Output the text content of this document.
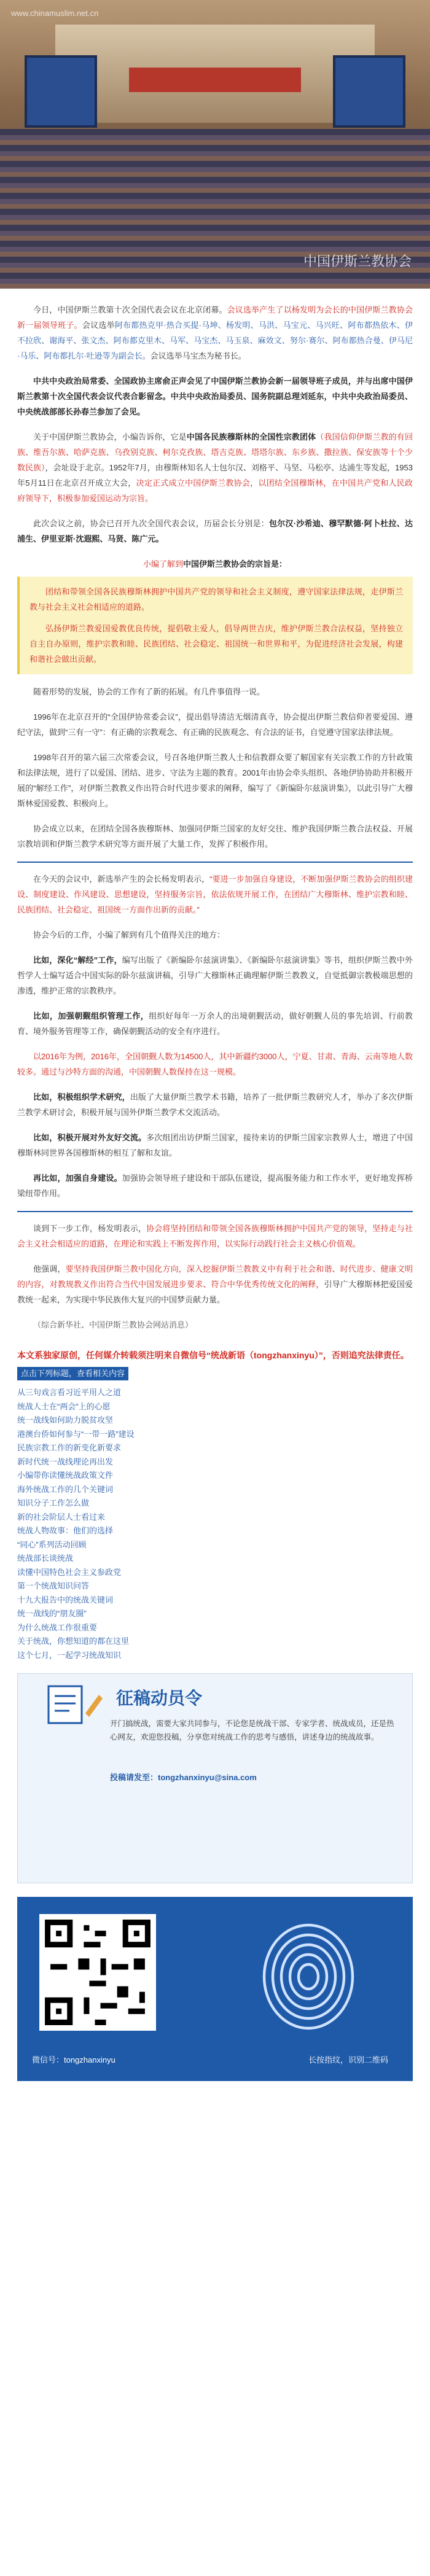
www.chinamuslim.net.cn
中国伊斯兰教协会

今日，中国伊斯兰教第十次全国代表会议在北京闭幕。会议选举产生了以杨发明为会长的中国伊斯兰教协会新一届领导班子。会议选举阿布都热克甲·热合买提·马坤、杨发明、马洪、马宝元、马兴旺、阿布都热依木、伊不拉欣、谢海平、张文杰、阿布都克里木、马军、马宝杰、马玉泉、麻效文、努尔·赛尔、阿布都热合曼、伊马尼·马乐、阿布都扎尔·吐逊等为副会长。会议选举马宝杰为秘书长。

中共中央政治局常委、全国政协主席俞正声会见了中国伊斯兰教协会新一届领导班子成员，并与出席中国伊斯兰教第十次全国代表会议代表合影留念。中共中央政治局委员、国务院副总理刘延东，中共中央政治局委员、中央统战部部长孙春兰参加了会见。

关于中国伊斯兰教协会，小编告诉你，它是中国各民族穆斯林的全国性宗教团体（我国信仰伊斯兰教的有回族、维吾尔族、哈萨克族、乌孜别克族、柯尔克孜族、塔吉克族、塔塔尔族、东乡族、撒拉族、保安族等十个少数民族），会址设于北京。1952年7月，由穆斯林知名人士包尔汉、刘格平、马坚、马松亭、达浦生等发起，1953年5月11日在北京召开成立大会，决定正式成立中国伊斯兰教协会，以团结全国穆斯林，在中国共产党和人民政府领导下，积极参加爱国运动为宗旨。

此次会议之前，协会已召开九次全国代表会议，历届会长分别是：包尔汉·沙希迪、穆罕默德·阿卜杜拉、达浦生、伊里亚斯·沈遐熙、马贤、陈广元。

小编了解到中国伊斯兰教协会的宗旨是：

团结和带领全国各民族穆斯林拥护中国共产党的领导和社会主义制度，遵守国家法律法规，走伊斯兰教与社会主义社会相适应的道路。

弘扬伊斯兰教爱国爱教优良传统，提倡敬主爱人，倡导两世吉庆，维护伊斯兰教合法权益，坚持独立自主自办原则，维护宗教和睦、民族团结、社会稳定、祖国统一和世界和平，为促进经济社会发展，构建和谐社会做出贡献。

随着形势的发展，协会的工作有了新的拓展。有几件事值得一说。

1996年在北京召开的“全国伊协常委会议”，提出倡导清洁无烟清真寺，协会提出伊斯兰教信仰者要爱国、遵纪守法，做到“三有一守”：有正确的宗教观念、有正确的民族观念、有合法的证书，自觉遵守国家法律法规。

1998年召开的第六届三次常委会议，号召各地伊斯兰教人士和信教群众要了解国家有关宗教工作的方针政策和法律法规，进行了以爱国、团结、进步、守法为主题的教育。2001年由协会牵头组织、各地伊协协助并积极开展的“解经工作”，对伊斯兰教教义作出符合时代进步要求的阐释，编写了《新编卧尔兹演讲集》，以此引导广大穆斯林爱国爱教、积极向上。

协会成立以来，在团结全国各族穆斯林、加强同伊斯兰国家的友好交往、维护我国伊斯兰教合法权益、开展宗教培训和伊斯兰教学术研究等方面开展了大量工作，发挥了积极作用。

在今天的会议中，新选举产生的会长杨发明表示，“要进一步加强自身建设，不断加强伊斯兰教协会的组织建设、制度建设、作风建设、思想建设，坚持服务宗旨，依法依规开展工作，在团结广大穆斯林、维护宗教和睦、民族团结、社会稳定、祖国统一方面作出新的贡献。”

协会今后的工作，小编了解到有几个值得关注的地方：

比如，深化“解经”工作，编写出版了《新编卧尔兹演讲集》、《新编卧尔兹演讲集》等书，组织伊斯兰教中外哲学人士编写适合中国实际的卧尔兹演讲稿，引导广大穆斯林正确理解伊斯兰教教义，自觉抵御宗教极端思想的渗透，维护正常的宗教秩序。

比如，加强朝觐组织管理工作，组织好每年一万余人的出境朝觐活动，做好朝觐人员的事先培训、行前教育、境外服务管理等工作，确保朝觐活动的安全有序进行。

以2016年为例，2016年，全国朝觐人数为14500人，其中新疆约3000人，宁夏、甘肃、青海、云南等地人数较多。通过与沙特方面的沟通，中国朝觐人数保持在这一规模。

比如，积极组织学术研究，出版了大量伊斯兰教学术书籍，培养了一批伊斯兰教研究人才，举办了多次伊斯兰教学术研讨会，积极开展与国外伊斯兰教学术交流活动。

比如，积极开展对外友好交流。多次组团出访伊斯兰国家，接待来访的伊斯兰国家宗教界人士，增进了中国穆斯林同世界各国穆斯林的相互了解和友谊。

再比如，加强自身建设。加强协会领导班子建设和干部队伍建设，提高服务能力和工作水平，更好地发挥桥梁纽带作用。

谈到下一步工作，杨发明表示，协会将坚持团结和带领全国各族穆斯林拥护中国共产党的领导，坚持走与社会主义社会相适应的道路，在理论和实践上不断发挥作用，以实际行动践行社会主义核心价值观。

他强调，要坚持我国伊斯兰教中国化方向，深入挖掘伊斯兰教教义中有利于社会和谐、时代进步、健康文明的内容，对教规教义作出符合当代中国发展进步要求、符合中华优秀传统文化的阐释，引导广大穆斯林把爱国爱教统一起来，为实现中华民族伟大复兴的中国梦贡献力量。

（综合新华社、中国伊斯兰教协会网站消息）

本文系独家原创，任何媒介转载须注明来自微信号“统战新语（tongzhanxinyu）”，否则追究法律责任。
点击下列标题，查看相关内容
从三句戏言看习近平用人之道
统战人士在“两会”上的心愿
统一战线如何助力脱贫攻坚
港澳台侨如何参与“一带一路”建设
民族宗教工作的新变化新要求
新时代统一战线理论再出发
小编带你读懂统战政策文件
海外统战工作的几个关键词
知识分子工作怎么做
新的社会阶层人士看过来
统战人物故事：他们的选择
“同心”系列活动回顾
统战部长谈统战
读懂中国特色社会主义参政党
第一个统战知识问答
十九大报告中的统战关键词
统一战线的“朋友圈”
为什么统战工作很重要
关于统战，你想知道的都在这里
这个七月，一起学习统战知识
征稿动员令
开门搞统战，需要大家共同参与，不论您是统战干部、专家学者、统战成员，还是热心网友，欢迎您投稿，分享您对统战工作的思考与感悟，讲述身边的统战故事。
投稿请发至：tongzhanxinyu@sina.com
微信号：tongzhanxinyu	长按指纹，识别二维码
